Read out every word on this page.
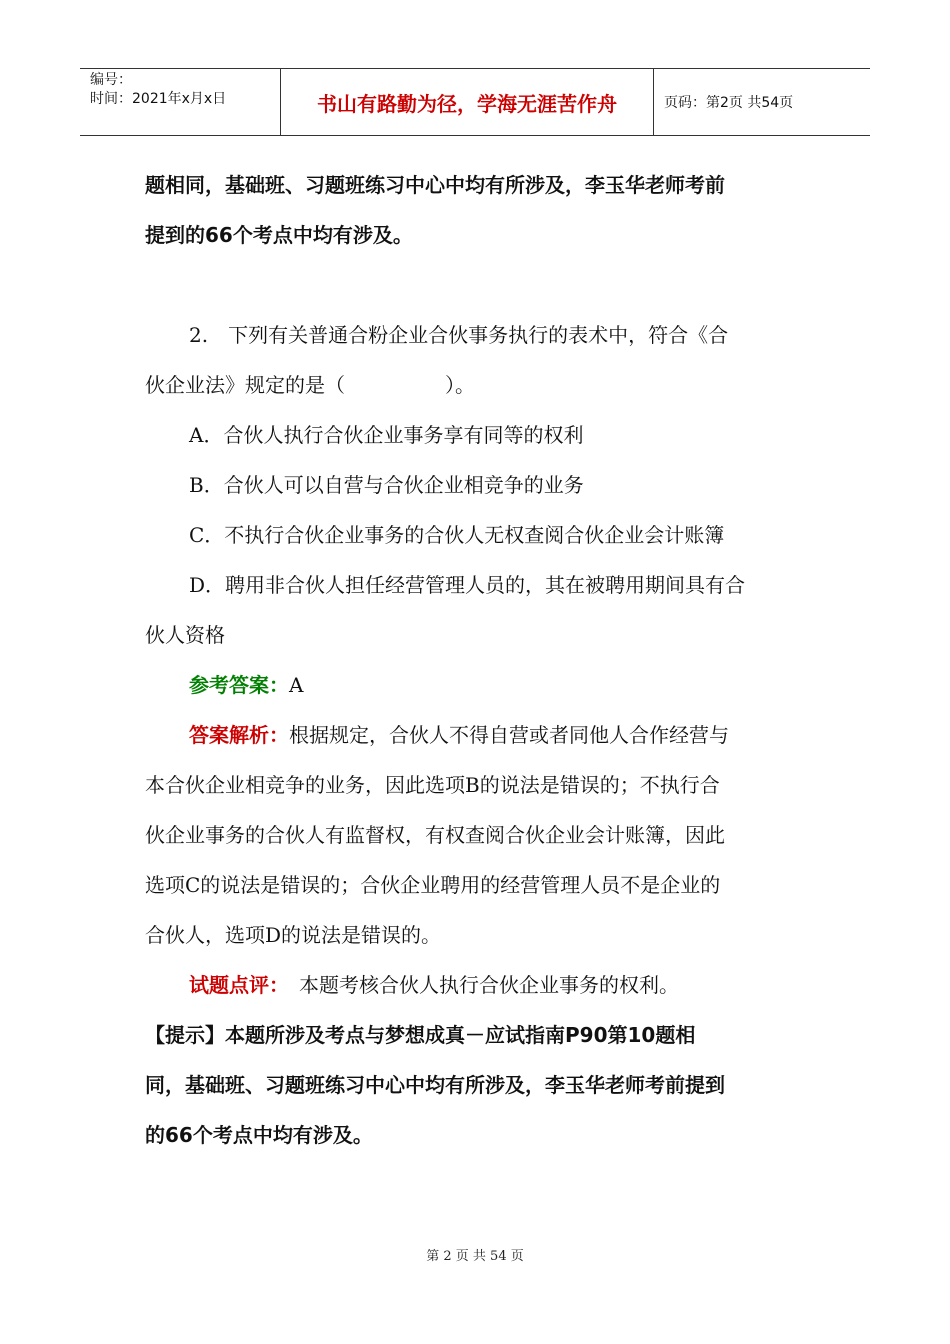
编号：
时间：2021年x月x日	书山有路勤为径，学海无涯苦作舟	页码：第2页 共54页

题相同，基础班、习题班练习中心中均有所涉及，李玉华老师考前

提到的66个考点中均有涉及。

2.　下列有关普通合粉企业合伙事务执行的表术中，符合《合

伙企业法》规定的是（　　　　　）。

A．合伙人执行合伙企业事务享有同等的权利

B．合伙人可以自营与合伙企业相竞争的业务

C．不执行合伙企业事务的合伙人无权查阅合伙企业会计账簿

D．聘用非合伙人担任经营管理人员的，其在被聘用期间具有合

伙人资格

参考答案：A

答案解析：根据规定，合伙人不得自营或者同他人合作经营与

本合伙企业相竞争的业务，因此选项B的说法是错误的；不执行合

伙企业事务的合伙人有监督权，有权查阅合伙企业会计账簿，因此

选项C的说法是错误的；合伙企业聘用的经营管理人员不是企业的

合伙人，选项D的说法是错误的。

试题点评：　本题考核合伙人执行合伙企业事务的权利。

【提示】本题所涉及考点与梦想成真－应试指南P90第10题相

同，基础班、习题班练习中心中均有所涉及，李玉华老师考前提到

的66个考点中均有涉及。

第 2 页 共 54 页
